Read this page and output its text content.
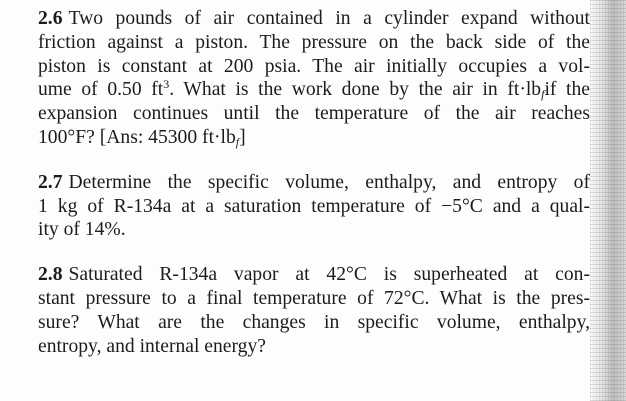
2.6 Two pounds of air contained in a cylinder expand without
friction against a piston. The pressure on the back side of the
piston is constant at 200 psia. The air initially occupies a vol-
ume of 0.50 $ft^3$. What is the work done by the air in $ft\cdot lb_fif$ the
expansion continues until the temperature of the air reaches
100°F? [Ans: 45300 $ft\cdot lb_f$]
2.7 Determine the specific volume, enthalpy, and entropy of
1 kg of R-134a at a saturation temperature of −5°C and a qual-
ity of 14%.
2.8 Saturated R-134a vapor at 42°C is superheated at con-
stant pressure to a final temperature of 72°C. What is the pres-
sure? What are the changes in specific volume, enthalpy,
entropy, and internal energy?
